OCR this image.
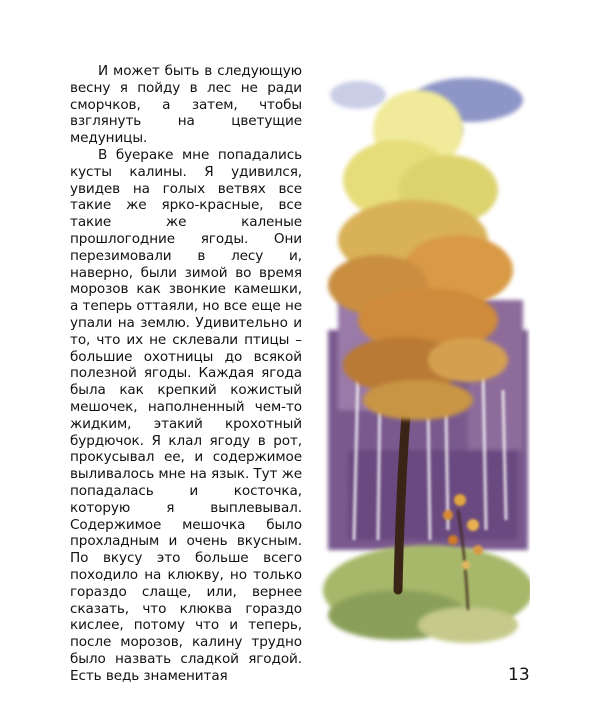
И может быть в следующую весну я пойду в лес не ради сморчков, а затем, чтобы взглянуть на цветущие медуницы.

В буераке мне попадались кусты калины. Я удивился, увидев на голых ветвях все такие же ярко-красные, все такие же каленые прошлогодние ягоды. Они перезимовали в лесу и, наверно, были зимой во время морозов как звонкие камешки, а теперь оттаяли, но все еще не упали на землю. Удивительно и то, что их не склевали птицы – большие охотницы до всякой полезной ягоды. Каждая ягода была как крепкий кожистый мешочек, наполненный чем-то жидким, этакий крохотный бурдючок. Я клал ягоду в рот, прокусывал ее, и содержимое выливалось мне на язык. Тут же попадалась и косточка, которую я выплевывал. Содержимое мешочка было прохладным и очень вкусным. По вкусу это больше всего походило на клюкву, но только гораздо слаще, или, вернее сказать, что клюква гораздо кислее, потому что и теперь, после морозов, калину трудно было назвать сладкой ягодой. Есть ведь знаменитая	13
